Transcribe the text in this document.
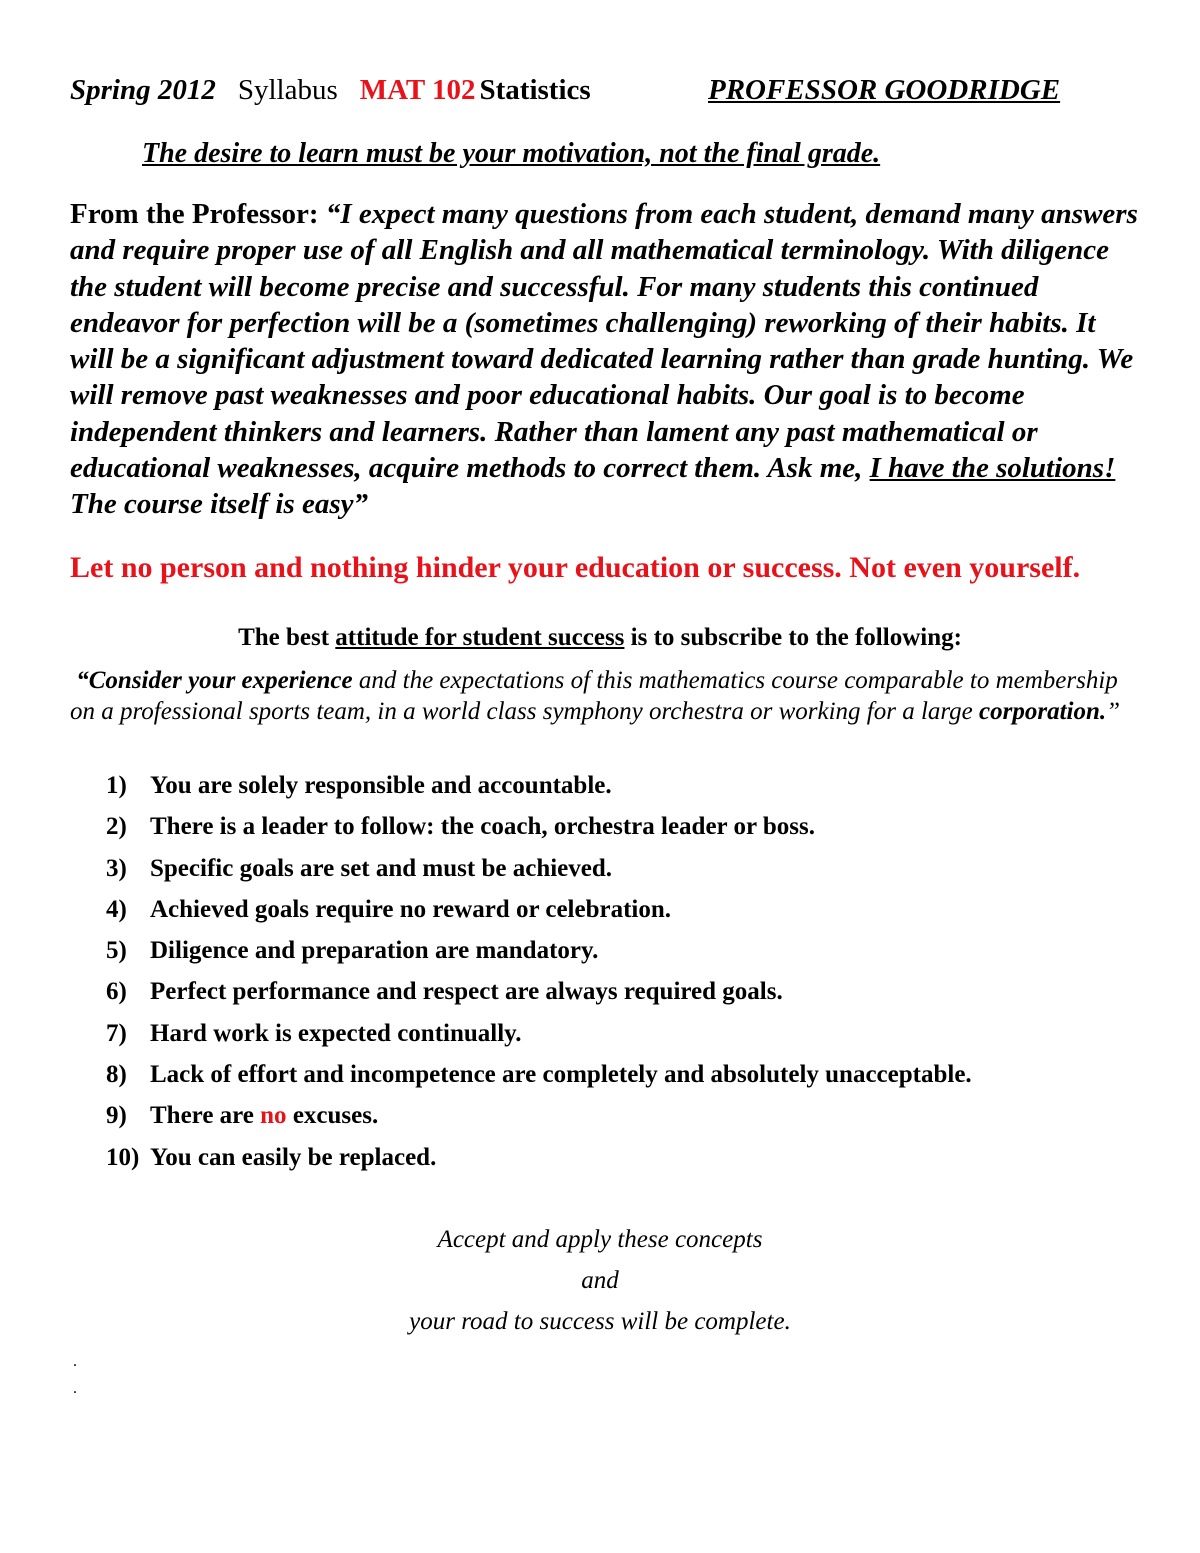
Spring 2012 Syllabus MAT 102 Statistics	PROFESSOR GOODRIDGE
The desire to learn must be your motivation, not the final grade.
From the Professor: “I expect many questions from each student, demand many answers and require proper use of all English and all mathematical terminology. With diligence the student will become precise and successful. For many students this continued endeavor for perfection will be a (sometimes challenging) reworking of their habits. It will be a significant adjustment toward dedicated learning rather than grade hunting. We will remove past weaknesses and poor educational habits. Our goal is to become independent thinkers and learners. Rather than lament any past mathematical or educational weaknesses, acquire methods to correct them. Ask me, I have the solutions! The course itself is easy”
Let no person and nothing hinder your education or success. Not even yourself.
The best attitude for student success is to subscribe to the following:
“Consider your experience and the expectations of this mathematics course comparable to membership on a professional sports team, in a world class symphony orchestra or working for a large corporation.”
1) You are solely responsible and accountable.
2) There is a leader to follow: the coach, orchestra leader or boss.
3) Specific goals are set and must be achieved.
4) Achieved goals require no reward or celebration.
5) Diligence and preparation are mandatory.
6) Perfect performance and respect are always required goals.
7) Hard work is expected continually.
8) Lack of effort and incompetence are completely and absolutely unacceptable.
9) There are no excuses.
10) You can easily be replaced.
Accept and apply these concepts
and
your road to success will be complete.
.
.
